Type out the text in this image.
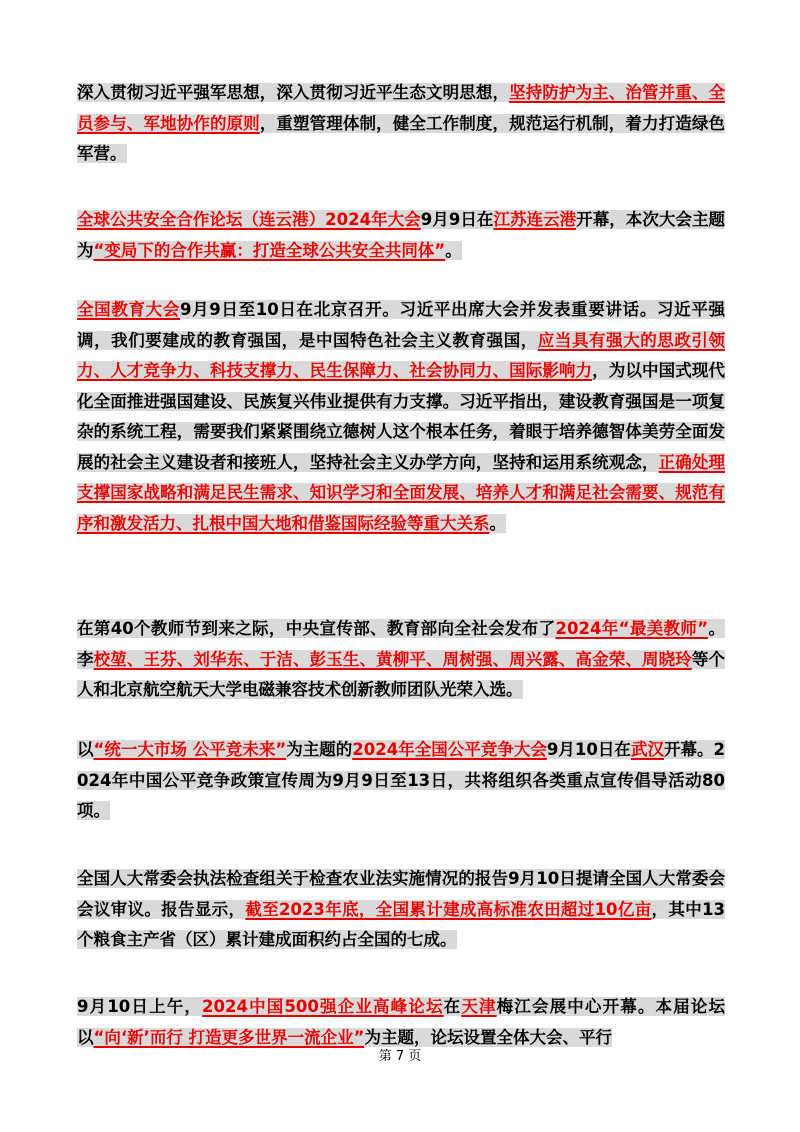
深入贯彻习近平强军思想，深入贯彻习近平生态文明思想，坚持防护为主、治管并重、全员参与、军地协作的原则，重塑管理体制，健全工作制度，规范运行机制，着力打造绿色军营。
全球公共安全合作论坛（连云港）2024年大会9月9日在江苏连云港开幕，本次大会主题为“变局下的合作共赢：打造全球公共安全共同体”。
全国教育大会9月9日至10日在北京召开。习近平出席大会并发表重要讲话。习近平强调，我们要建成的教育强国，是中国特色社会主义教育强国，应当具有强大的思政引领力、人才竞争力、科技支撑力、民生保障力、社会协同力、国际影响力，为以中国式现代化全面推进强国建设、民族复兴伟业提供有力支撑。习近平指出，建设教育强国是一项复杂的系统工程，需要我们紧紧围绕立德树人这个根本任务，着眼于培养德智体美劳全面发展的社会主义建设者和接班人，坚持社会主义办学方向，坚持和运用系统观念，正确处理支撑国家战略和满足民生需求、知识学习和全面发展、培养人才和满足社会需要、规范有序和激发活力、扎根中国大地和借鉴国际经验等重大关系。
在第40个教师节到来之际，中央宣传部、教育部向全社会发布了2024年“最美教师”。李校堃、王芬、刘华东、于洁、彭玉生、黄柳平、周树强、周兴露、高金荣、周晓玲等个人和北京航空航天大学电磁兼容技术创新教师团队光荣入选。
以“统一大市场 公平竞未来”为主题的2024年全国公平竞争大会9月10日在武汉开幕。2024年中国公平竞争政策宣传周为9月9日至13日，共将组织各类重点宣传倡导活动80项。
全国人大常委会执法检查组关于检查农业法实施情况的报告9月10日提请全国人大常委会会议审议。报告显示，截至2023年底，全国累计建成高标准农田超过10亿亩，其中13个粮食主产省（区）累计建成面积约占全国的七成。
9月10日上午，2024中国500强企业高峰论坛在天津梅江会展中心开幕。本届论坛以“向‘新’而行 打造更多世界一流企业”为主题，论坛设置全体大会、平行
第 7 页
